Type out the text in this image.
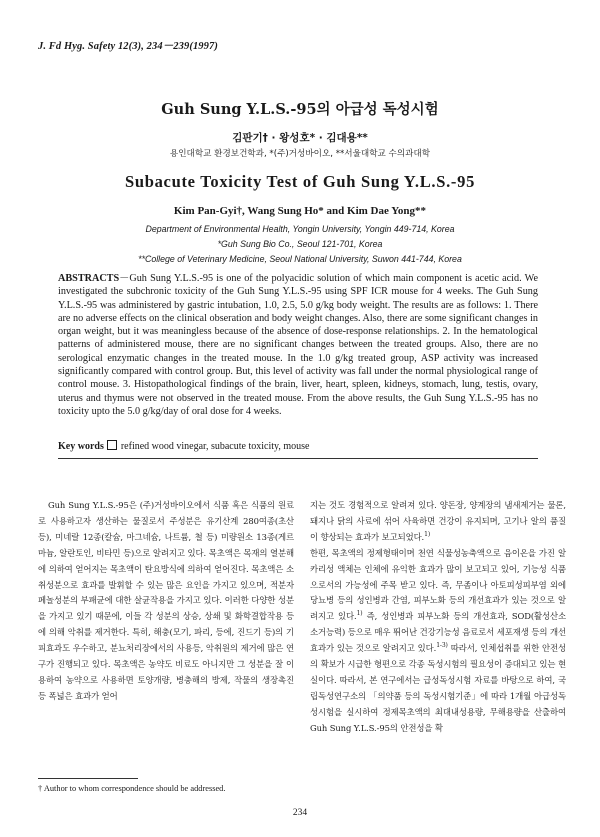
J. Fd Hyg. Safety 12(3), 234－239(1997)
Guh Sung Y.L.S.-95의 아급성 독성시험
김판기† · 왕성호* · 김대용**
용인대학교 환경보건학과, *(주)거성바이오, **서울대학교 수의과대학
Subacute Toxicity Test of Guh Sung Y.L.S.-95
Kim Pan-Gyi†, Wang Sung Ho* and Kim Dae Yong**
Department of Environmental Health, Yongin University, Yongin 449-714, Korea
*Guh Sung Bio Co., Seoul 121-701, Korea
**College of Veterinary Medicine, Seoul National University, Suwon 441-744, Korea
ABSTRACTS－Guh Sung Y.L.S.-95 is one of the polyacidic solution of which main component is acetic acid. We investigated the subchronic toxicity of the Guh Sung Y.L.S.-95 using SPF ICR mouse for 4 weeks. The Guh Sung Y.L.S.-95 was administered by gastric intubation, 1.0, 2.5, 5.0 g/kg body weight. The results are as follows: 1. There are no adverse effects on the clinical obseration and body weight changes. Also, there are some significant changes in organ weight, but it was meaningless because of the absence of dose-response relationships. 2. In the hematological patterns of administered mouse, there are no significant changes between the treated groups. Also, there are no serological enzymatic changes in the treated mouse. In the 1.0 g/kg treated group, ASP activity was increased significantly compared with control group. But, this level of activity was fall under the normal physiological range of control mouse. 3. Histopathological findings of the brain, liver, heart, spleen, kidneys, stomach, lung, testis, ovary, uterus and thymus were not observed in the treated mouse. From the above results, the Guh Sung Y.L.S.-95 has no toxicity upto the 5.0 g/kg/day of oral dose for 4 weeks.
Key words refined wood vinegar, subacute toxicity, mouse

Guh Sung Y.L.S.-95은 (주)거성바이오에서 식품 혹은 식품의 원료로 사용하고자 생산하는 물질로서 주성분은 유기산계 280여종(초산 등), 미네랄 12종(칼슘, 마그네슘, 나트륨, 철 등) 미량원소 13종(게르마늄, 알란토인, 비타민 등)으로 알려지고 있다. 목초액은 목재의 열분해에 의하여 얻어지는 목초액이 탄요방식에 의하여 얻어진다. 목초액은 소취성분으로 효과를 발휘할 수 있는 많은 요인을 가지고 있으며, 적분자 페놀성분의 부패균에 대한 살균작용을 가지고 있다. 이러한 다양한 성분을 가지고 있기 때문에, 이들 각 성분의 상승, 상쇄 및 화학결합작용 등에 의해 악취를 제거한다. 특히, 해충(모기, 파리, 등에, 진드기 등)의 기피효과도 우수하고, 분뇨처리장에서의 사용등, 악취원의 제거에 많은 연구가 진행되고 있다. 목초액은 농약도 비료도 아니지만 그 성분을 잘 이용하여 농약으로 사용하면 토양개량, 병충해의 방제, 작물의 생장촉진 등 폭넓은 효과가 얻어

지는 것도 경험적으로 알려져 있다. 양돈장, 양계장의 냄새제거는 물론, 돼지나 닭의 사료에 섞어 사육하면 건강이 유지되며, 고기나 알의 품질이 향상되는 효과가 보고되었다.$^{1)}$

한편, 목초액의 정제형태이며 천연 식물성농축액으로 음이온을 가진 알카리성 액체는 인체에 유익한 효과가 많이 보고되고 있어, 기능성 식품으로서의 가능성에 주목 받고 있다. 즉, 무좀이나 아토피성피부염 외에 당뇨병 등의 성인병과 간염, 피부노화 등의 개선효과가 있는 것으로 알려지고 있다.$^{1)}$ 즉, 성인병과 피부노화 등의 개선효과, SOD(활성산소 소거능력) 등으로 매우 뛰어난 건강기능성 음료로서 세포재생 등의 개선효과가 있는 것으로 알려지고 있다.$^{1-3)}$ 따라서, 인체섭취를 위한 안전성의 확보가 시급한 형편으로 각종 독성시험의 필요성이 증대되고 있는 현실이다. 따라서, 본 연구에서는 급성독성시험 자료를 바탕으로 하여, 국립독성연구소의 「의약품 등의 독성시험기준」에 따라 1개월 아급성독성시험을 실시하여 정제목초액의 최대내성용량, 무해용량을 산출하여 Guh Sung Y.L.S.-95의 안전성을 확

† Author to whom correspondence should be addressed.
234
